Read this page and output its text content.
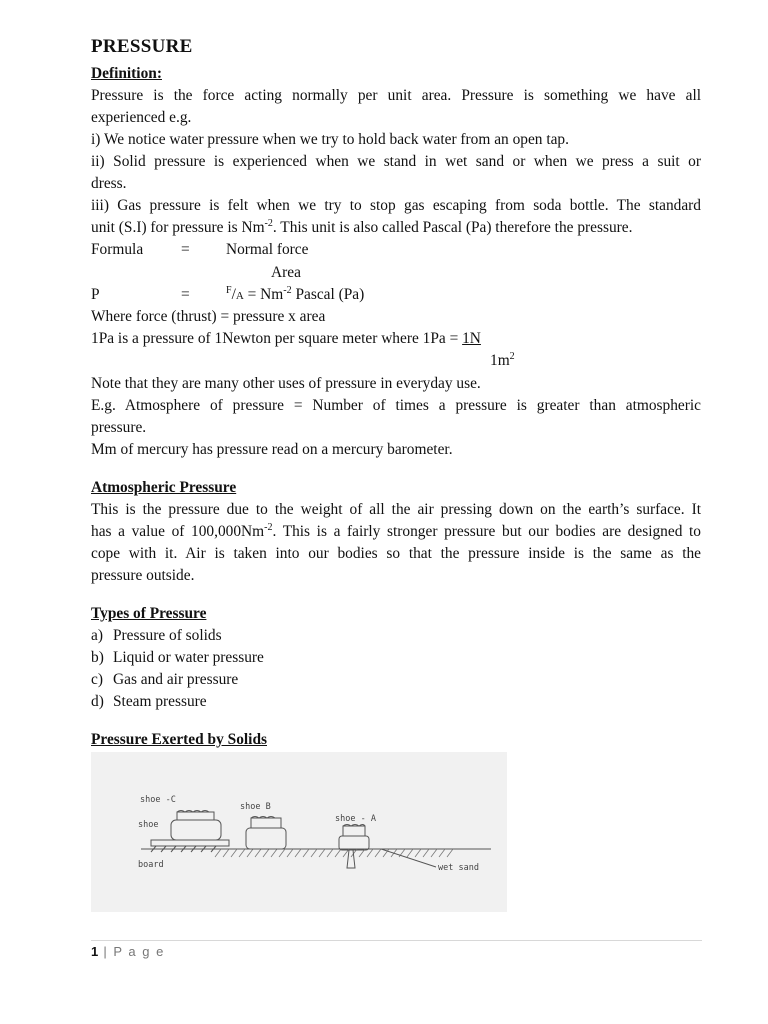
PRESSURE
Definition:
Pressure is the force acting normally per unit area. Pressure is something we have all
experienced e.g.
i) We notice water pressure when we try to hold back water from an open tap.
ii) Solid pressure is experienced when we stand in wet sand or when we press a suit or
dress.
iii) Gas pressure is felt when we try to stop gas escaping from soda bottle. The standard
unit (S.I) for pressure is $Nm^{-2}$. This unit is also called Pascal (Pa) therefore the pressure.
Formula = Normal force
Area
P	=	$^F/A = Nm^{-2}$ Pascal (Pa)
Where force (thrust) = pressure x area
1Pa is a pressure of 1Newton per square meter where 1Pa = 1N
$1m^2$
Note that they are many other uses of pressure in everyday use.
E.g. Atmosphere of pressure = Number of times a pressure is greater than atmospheric
pressure.
Mm of mercury has pressure read on a mercury barometer.
Atmospheric Pressure
This is the pressure due to the weight of all the air pressing down on the earth’s surface. It
has a value of $100,000Nm^{-2}$. This is a fairly stronger pressure but our bodies are designed to
cope with it. Air is taken into our bodies so that the pressure inside is the same as the
pressure outside.
Types of Pressure
a) Pressure of solids
b) Liquid or water pressure
c) Gas and air pressure
d) Steam pressure
Pressure Exerted by Solids
shoe -C
shoe
shoe B
shoe - A
board	wet sand
1 | P a g e
